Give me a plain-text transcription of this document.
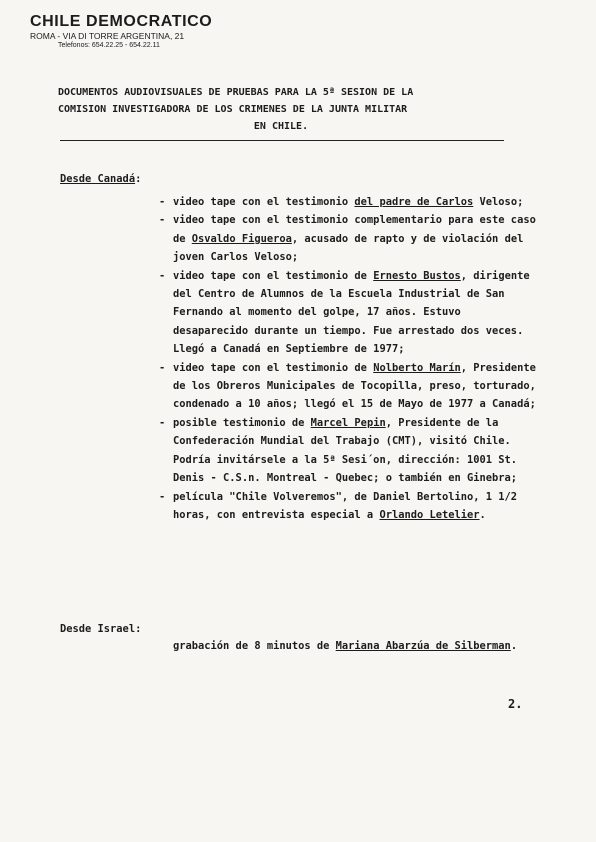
CHILE DEMOCRATICO
ROMA - VIA DI TORRE ARGENTINA, 21
Telefonos: 654.22.25 - 654.22.11
DOCUMENTOS AUDIOVISUALES DE PRUEBAS PARA LA 5ª SESION DE LA
COMISION INVESTIGADORA DE LOS CRIMENES DE LA JUNTA MILITAR
EN CHILE.
Desde Canadá:
- video tape con el testimonio del padre de Carlos Veloso;
- video tape con el testimonio complementario para este caso de Osvaldo Figueroa, acusado de rapto y de violación del joven Carlos Veloso;
- video tape con el testimonio de Ernesto Bustos, dirigente del Centro de Alumnos de la Escuela Industrial de San Fernando al momento del golpe, 17 años. Estuvo desaparecido durante un tiempo. Fue arrestado dos veces. Llegó a Canadá en Septiembre de 1977;
- video tape con el testimonio de Nolberto Marín, Presidente de los Obreros Municipales de Tocopilla, preso, torturado, condenado a 10 años; llegó el 15 de Mayo de 1977 a Canadá;
- posible testimonio de Marcel Pepin, Presidente de la Confederación Mundial del Trabajo (CMT), visitó Chile. Podría invitársele a la 5ª Sesi´on, dirección: 1001 St. Denis - C.S.n. Montreal - Quebec; o también en Ginebra;
- película "Chile Volveremos", de Daniel Bertolino, 1 1/2 horas, con entrevista especial a Orlando Letelier.
Desde Israel:
grabación de 8 minutos de Mariana Abarzúa de Silberman.
2.
